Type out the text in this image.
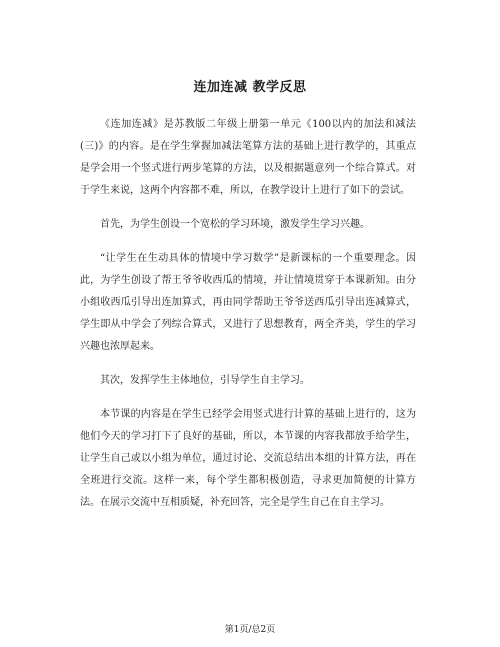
连加连减 教学反思

《连加连减》是苏教版二年级上册第一单元《100以内的加法和减法(三)》的内容。是在学生掌握加减法笔算方法的基础上进行教学的，其重点是学会用一个竖式进行两步笔算的方法，以及根据题意列一个综合算式。对于学生来说，这两个内容都不难，所以，在教学设计上进行了如下的尝试。

首先，为学生创设一个宽松的学习环境，激发学生学习兴趣。

“让学生在生动具体的情境中学习数学”是新课标的一个重要理念。因此，为学生创设了帮王爷爷收西瓜的情境，并让情境贯穿于本课新知。由分小组收西瓜引导出连加算式，再由同学帮助王爷爷送西瓜引导出连减算式，学生即从中学会了列综合算式，又进行了思想教育，两全齐美，学生的学习兴趣也浓厚起来。

其次，发挥学生主体地位，引导学生自主学习。

本节课的内容是在学生已经学会用竖式进行计算的基础上进行的，这为他们今天的学习打下了良好的基础，所以，本节课的内容我都放手给学生，让学生自己或以小组为单位，通过讨论、交流总结出本组的计算方法，再在全班进行交流。这样一来，每个学生都积极创造，寻求更加简便的计算方法。在展示交流中互相质疑，补充回答，完全是学生自己在自主学习。

第1页/总2页
